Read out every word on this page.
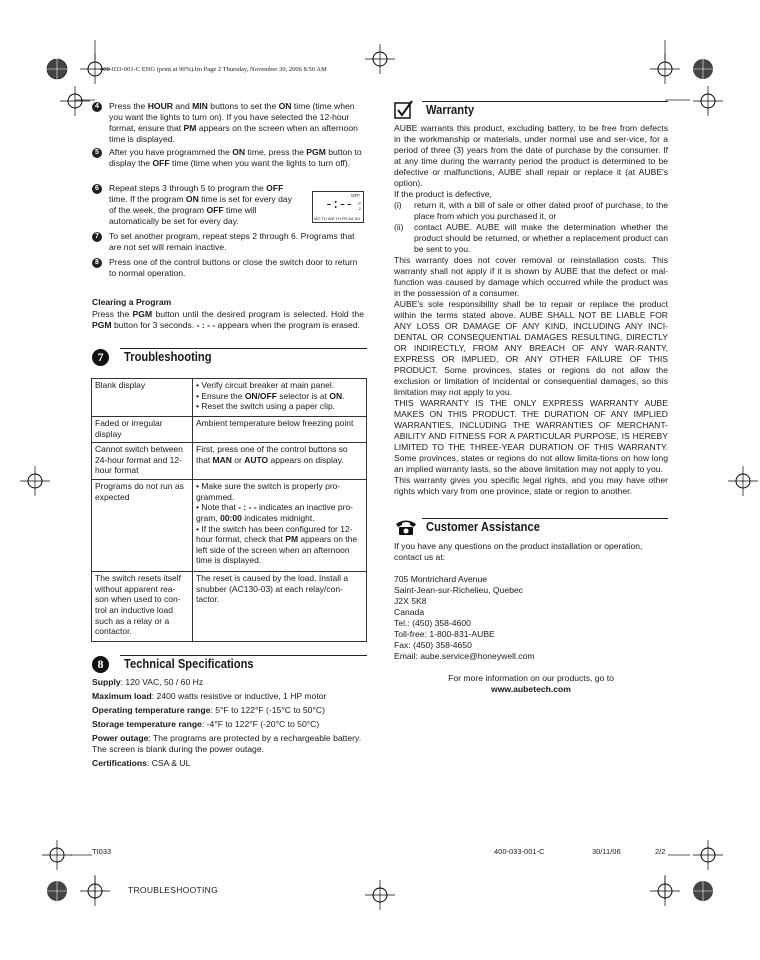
400-033-001-C ENG (print at 90%).fm Page 2 Thursday, November 30, 2006 8:50 AM
4	Press the HOUR and MIN buttons to set the ON time (time when you want the lights to turn on). If you have selected the 12-hour format, ensure that PM appears on the screen when an afternoon time is displayed.
5	After you have programmed the ON time, press the PGM button to display the OFF time (time when you want the lights to turn off).
6	Repeat steps 3 through 5 to program the OFF time. If the program ON time is set for every day of the week, the program OFF time will automatically be set for every day.
7	To set another program, repeat steps 2 through 6. Programs that are not set will remain inactive.
8	Press one of the control buttons or close the switch door to return to normal operation.
OFF
-:-- P
2
MO TU WE TH FR SA SU
Clearing a Program
Press the PGM button until the desired program is selected. Hold the PGM button for 3 seconds. - : - - appears when the program is erased.
7	Troubleshooting
Blank display	• Verify circuit breaker at main panel.
• Ensure the ON/OFF selector is at ON.
• Reset the switch using a paper clip.
Faded or irregular display	Ambient temperature below freezing point
Cannot switch between 24-hour format and 12-hour format	First, press one of the control buttons so that MAN or AUTO appears on display.
Programs do not run as expected	• Make sure the switch is properly pro-grammed.
• Note that - : - - indicates an inactive pro-gram, 00:00 indicates midnight.
• If the switch has been configured for 12-hour format, check that PM appears on the left side of the screen when an afternoon time is displayed.
The switch resets itself without apparent rea-son when used to con-trol an inductive load such as a relay or a contactor.	The reset is caused by the load. Install a snubber (AC130-03) at each relay/con-tactor.
8	Technical Specifications

Supply: 120 VAC, 50 / 60 Hz

Maximum load: 2400 watts resistive or inductive, 1 HP motor

Operating temperature range: 5°F to 122°F (-15°C to 50°C)

Storage temperature range: -4°F to 122°F (-20°C to 50°C)

Power outage: The programs are protected by a rechargeable battery. The screen is blank during the power outage.

Certifications: CSA & UL

Warranty

AUBE warrants this product, excluding battery, to be free from defects in the workmanship or materials, under normal use and ser-vice, for a period of three (3) years from the date of purchase by the consumer. If at any time during the warranty period the product is determined to be defective or malfunctions, AUBE shall repair or replace it (at AUBE's option).

If the product is defective,

(i) return it, with a bill of sale or other dated proof of purchase, to the place from which you purchased it, or
(ii) contact AUBE. AUBE will make the determination whether the product should be returned, or whether a replacement product can be sent to you.

This warranty does not cover removal or reinstallation costs. This warranty shall not apply if it is shown by AUBE that the defect or mal-function was caused by damage which occurred while the product was in the possession of a consumer.

AUBE's sole responsibility shall be to repair or replace the product within the terms stated above. AUBE SHALL NOT BE LIABLE FOR ANY LOSS OR DAMAGE OF ANY KIND, INCLUDING ANY INCI-DENTAL OR CONSEQUENTIAL DAMAGES RESULTING, DIRECTLY OR INDIRECTLY, FROM ANY BREACH OF ANY WAR-RANTY, EXPRESS OR IMPLIED, OR ANY OTHER FAILURE OF THIS PRODUCT. Some provinces, states or regions do not allow the exclusion or limitation of incidental or consequential damages, so this limitation may not apply to you.

THIS WARRANTY IS THE ONLY EXPRESS WARRANTY AUBE MAKES ON THIS PRODUCT. THE DURATION OF ANY IMPLIED WARRANTIES, INCLUDING THE WARRANTIES OF MERCHANT-ABILITY AND FITNESS FOR A PARTICULAR PURPOSE, IS HEREBY LIMITED TO THE THREE-YEAR DURATION OF THIS WARRANTY. Some provinces, states or regions do not allow limita-tions on how long an implied warranty lasts, so the above limitation may not apply to you.

This warranty gives you specific legal rights, and you may have other rights which vary from one province, state or region to another.

Customer Assistance
If you have any questions on the product installation or operation, contact us at:
705 Montrichard Avenue
Saint-Jean-sur-Richelieu, Quebec
J2X 5K8
Canada
Tel.: (450) 358-4600
Toll-free: 1-800-831-AUBE
Fax: (450) 358-4650
Email: aube.service@honeywell.com
For more information on our products, go to
www.aubetech.com
TI033	400-033-001-C	30/11/06	2/2
TROUBLESHOOTING
